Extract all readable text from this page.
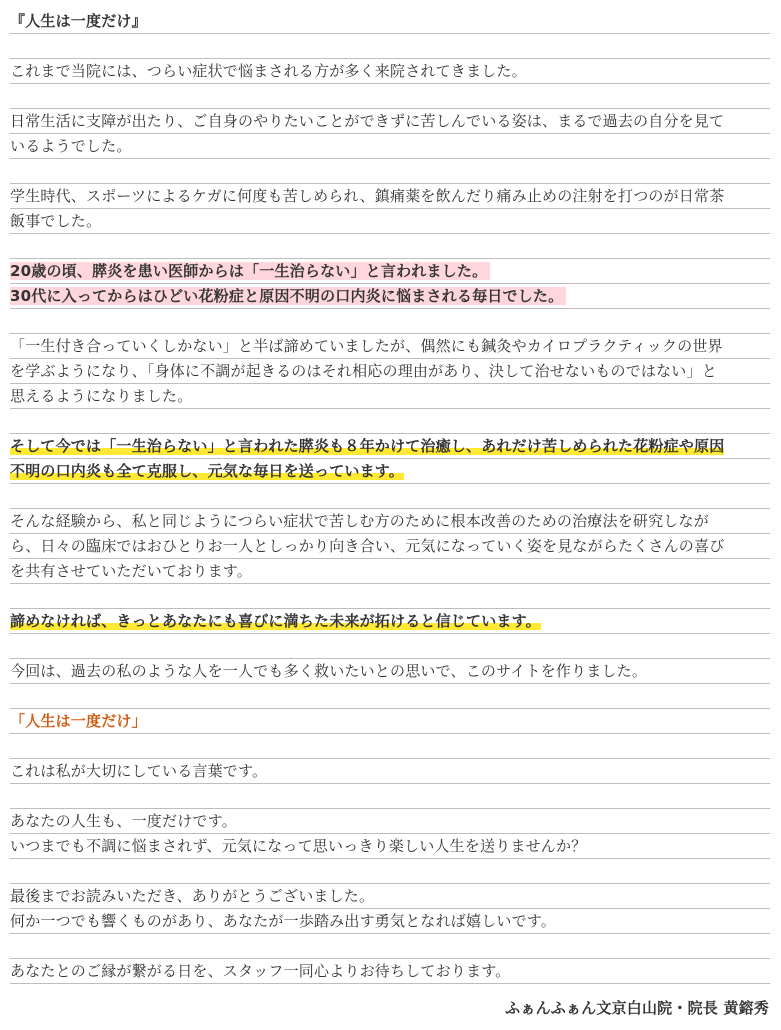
『人生は一度だけ』
これまで当院には、つらい症状で悩まされる方が多く来院されてきました。
日常生活に支障が出たり、ご自身のやりたいことができずに苦しんでいる姿は、まるで過去の自分を見て
いるようでした。
学生時代、スポーツによるケガに何度も苦しめられ、鎮痛薬を飲んだり痛み止めの注射を打つのが日常茶
飯事でした。
20歳の頃、膵炎を患い医師からは「一生治らない」と言われました。
30代に入ってからはひどい花粉症と原因不明の口内炎に悩まされる毎日でした。
「一生付き合っていくしかない」と半ば諦めていましたが、偶然にも鍼灸やカイロプラクティックの世界
を学ぶようになり、「身体に不調が起きるのはそれ相応の理由があり、決して治せないものではない」と
思えるようになりました。
そして今では「一生治らない」と言われた膵炎も８年かけて治癒し、あれだけ苦しめられた花粉症や原因
不明の口内炎も全て克服し、元気な毎日を送っています。
そんな経験から、私と同じようにつらい症状で苦しむ方のために根本改善のための治療法を研究しなが
ら、日々の臨床ではおひとりお一人としっかり向き合い、元気になっていく姿を見ながらたくさんの喜び
を共有させていただいております。
諦めなければ、きっとあなたにも喜びに満ちた未来が拓けると信じています。
今回は、過去の私のような人を一人でも多く救いたいとの思いで、このサイトを作りました。
「人生は一度だけ」
これは私が大切にしている言葉です。
あなたの人生も、一度だけです。
いつまでも不調に悩まされず、元気になって思いっきり楽しい人生を送りませんか？
最後までお読みいただき、ありがとうございました。
何か一つでも響くものがあり、あなたが一歩踏み出す勇気となれば嬉しいです。
あなたとのご縁が繋がる日を、スタッフ一同心よりお待ちしております。
ふぁんふぁん文京白山院・院長 黄鎔秀
